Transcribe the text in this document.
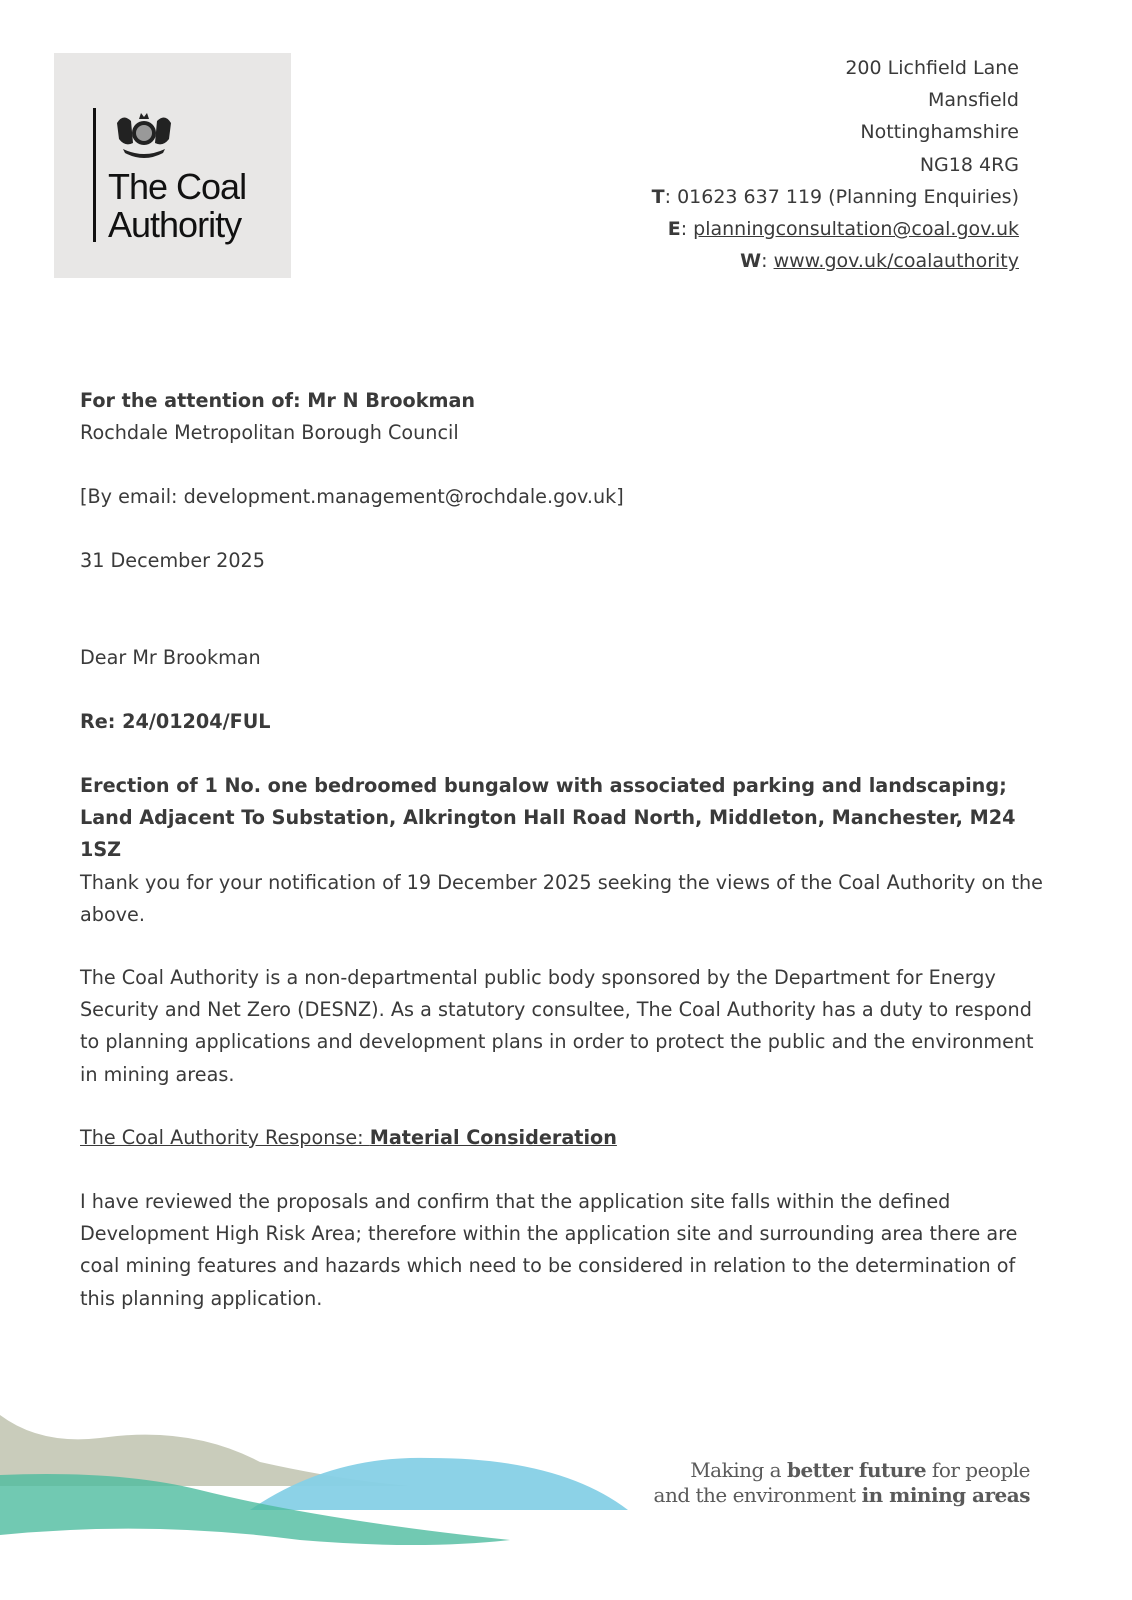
The Coal
Authority
200 Lichfield Lane
Mansfield
Nottinghamshire
NG18 4RG
T: 01623 637 119 (Planning Enquiries)
E: planningconsultation@coal.gov.uk
W: www.gov.uk/coalauthority
For the attention of: Mr N Brookman
Rochdale Metropolitan Borough Council
[By email: development.management@rochdale.gov.uk]
31 December 2025
Dear Mr Brookman
Re: 24/01204/FUL
Erection of 1 No. one bedroomed bungalow with associated parking and landscaping; Land Adjacent To Substation, Alkrington Hall Road North, Middleton, Manchester, M24 1SZ
Thank you for your notification of 19 December 2025 seeking the views of the Coal Authority on the above.
The Coal Authority is a non-departmental public body sponsored by the Department for Energy Security and Net Zero (DESNZ). As a statutory consultee, The Coal Authority has a duty to respond to planning applications and development plans in order to protect the public and the environment in mining areas.
The Coal Authority Response: Material Consideration
I have reviewed the proposals and confirm that the application site falls within the defined Development High Risk Area; therefore within the application site and surrounding area there are coal mining features and hazards which need to be considered in relation to the determination of this planning application.
Making a better future for people
and the environment in mining areas
